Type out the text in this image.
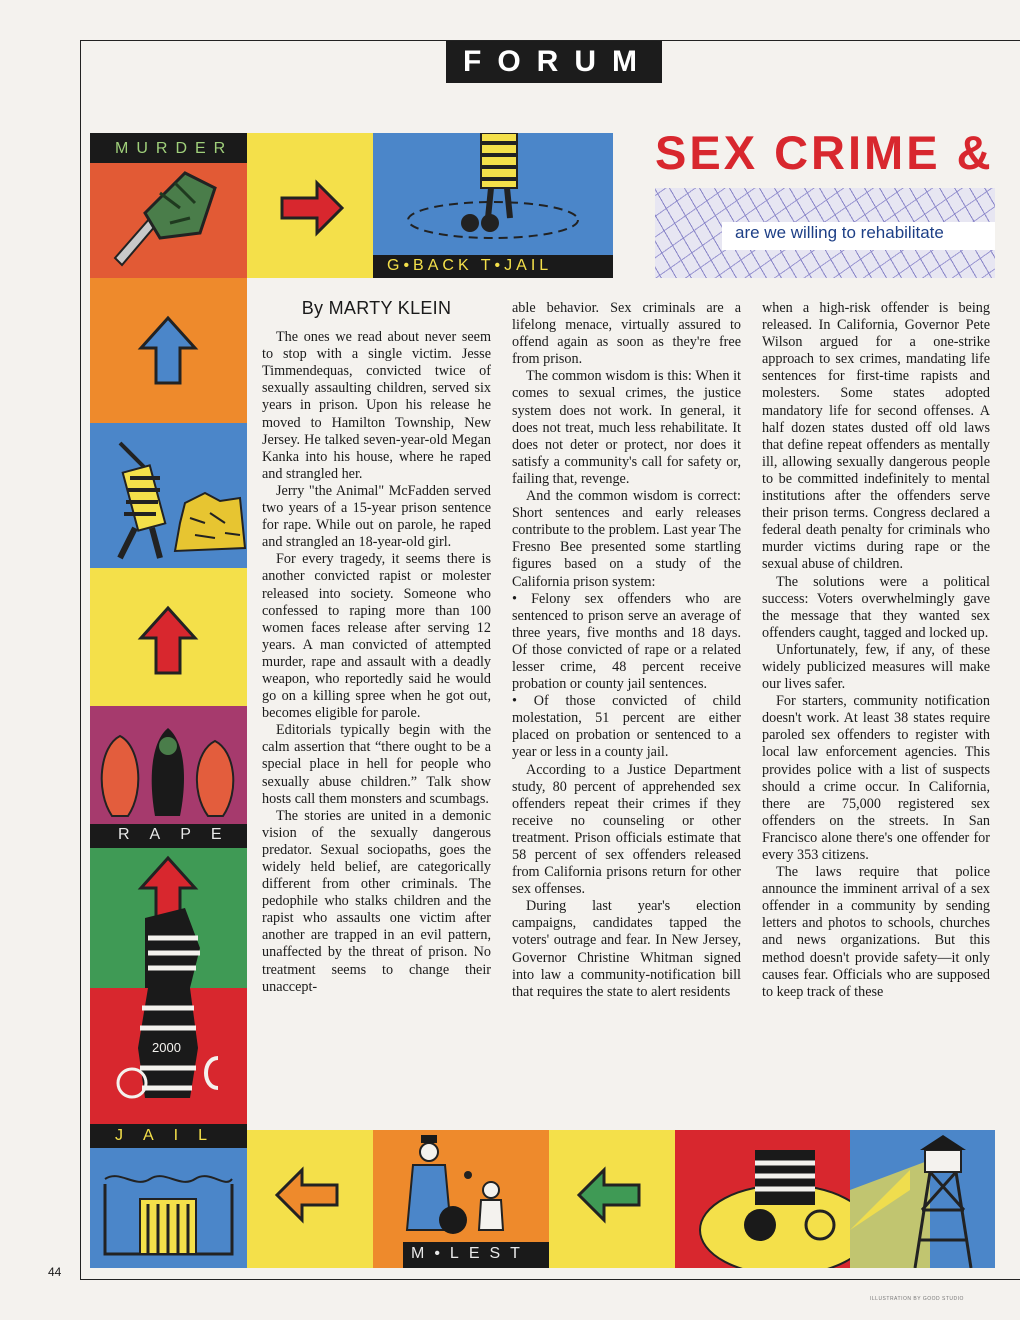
FORUM
SEX CRIME &
are we willing to rehabilitate
MURDER
G•BACK T•JAIL
RAPE
2000
JAIL
M•LEST
By MARTY KLEIN

The ones we read about never seem to stop with a single victim. Jesse Timmendequas, convicted twice of sexually assaulting children, served six years in prison. Upon his release he moved to Hamilton Township, New Jersey. He talked seven-year-old Megan Kanka into his house, where he raped and strangled her.

Jerry "the Animal" McFadden served two years of a 15-year prison sentence for rape. While out on parole, he raped and strangled an 18-year-old girl.

For every tragedy, it seems there is another convicted rapist or molester released into society. Someone who confessed to raping more than 100 women faces release after serving 12 years. A man convicted of attempted murder, rape and assault with a deadly weapon, who reportedly said he would go on a killing spree when he got out, becomes eligible for parole.

Editorials typically begin with the calm assertion that “there ought to be a special place in hell for people who sexually abuse children.” Talk show hosts call them monsters and scumbags.

The stories are united in a demonic vision of the sexually dangerous predator. Sexual sociopaths, goes the widely held belief, are categorically different from other criminals. The pedophile who stalks children and the rapist who assaults one victim after another are trapped in an evil pattern, unaffected by the threat of prison. No treatment seems to change their unaccept-

able behavior. Sex criminals are a lifelong menace, virtually assured to offend again as soon as they're free from prison.

The common wisdom is this: When it comes to sexual crimes, the justice system does not work. In general, it does not treat, much less rehabilitate. It does not deter or protect, nor does it satisfy a community's call for safety or, failing that, revenge.

And the common wisdom is correct: Short sentences and early releases contribute to the problem. Last year The Fresno Bee presented some startling figures based on a study of the California prison system:

• Felony sex offenders who are sentenced to prison serve an average of three years, five months and 18 days. Of those convicted of rape or a related lesser crime, 48 percent receive probation or county jail sentences.

• Of those convicted of child molestation, 51 percent are either placed on probation or sentenced to a year or less in a county jail.

According to a Justice Department study, 80 percent of apprehended sex offenders repeat their crimes if they receive no counseling or other treatment. Prison officials estimate that 58 percent of sex offenders released from California prisons return for other sex offenses.

During last year's election campaigns, candidates tapped the voters' outrage and fear. In New Jersey, Governor Christine Whitman signed into law a community-notification bill that requires the state to alert residents

when a high-risk offender is being released. In California, Governor Pete Wilson argued for a one-strike approach to sex crimes, mandating life sentences for first-time rapists and molesters. Some states adopted mandatory life for second offenses. A half dozen states dusted off old laws that define repeat offenders as mentally ill, allowing sexually dangerous people to be committed indefinitely to mental institutions after the offenders serve their prison terms. Congress declared a federal death penalty for criminals who murder victims during rape or the sexual abuse of children.

The solutions were a political success: Voters overwhelmingly gave the message that they wanted sex offenders caught, tagged and locked up.

Unfortunately, few, if any, of these widely publicized measures will make our lives safer.

For starters, community notification doesn't work. At least 38 states require paroled sex offenders to register with local law enforcement agencies. This provides police with a list of suspects should a crime occur. In California, there are 75,000 registered sex offenders on the streets. In San Francisco alone there's one offender for every 353 citizens.

The laws require that police announce the imminent arrival of a sex offender in a community by sending letters and photos to schools, churches and news organizations. But this method doesn't provide safety—it only causes fear. Officials who are supposed to keep track of these

44
ILLUSTRATION BY GOOD STUDIO
